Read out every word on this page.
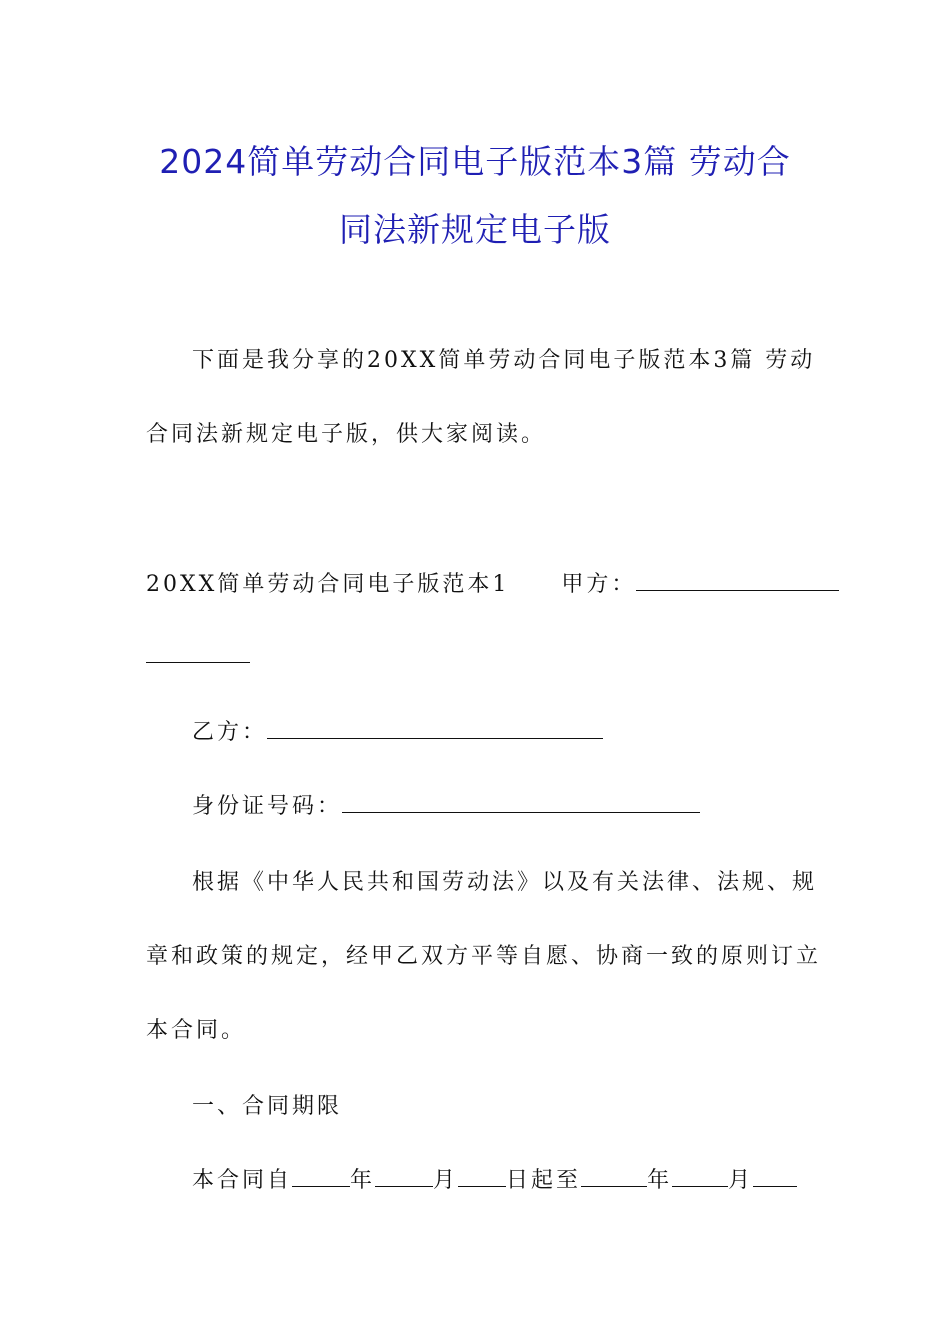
2024简单劳动合同电子版范本3篇 劳动合
同法新规定电子版
下面是我分享的20XX简单劳动合同电子版范本3篇 劳动
合同法新规定电子版，供大家阅读。
20XX简单劳动合同电子版范本1 甲方：
乙方：
身份证号码：
根据《中华人民共和国劳动法》以及有关法律、法规、规
章和政策的规定，经甲乙双方平等自愿、协商一致的原则订立
本合同。
一、合同期限
本合同自	年	月 日起至	年	月
